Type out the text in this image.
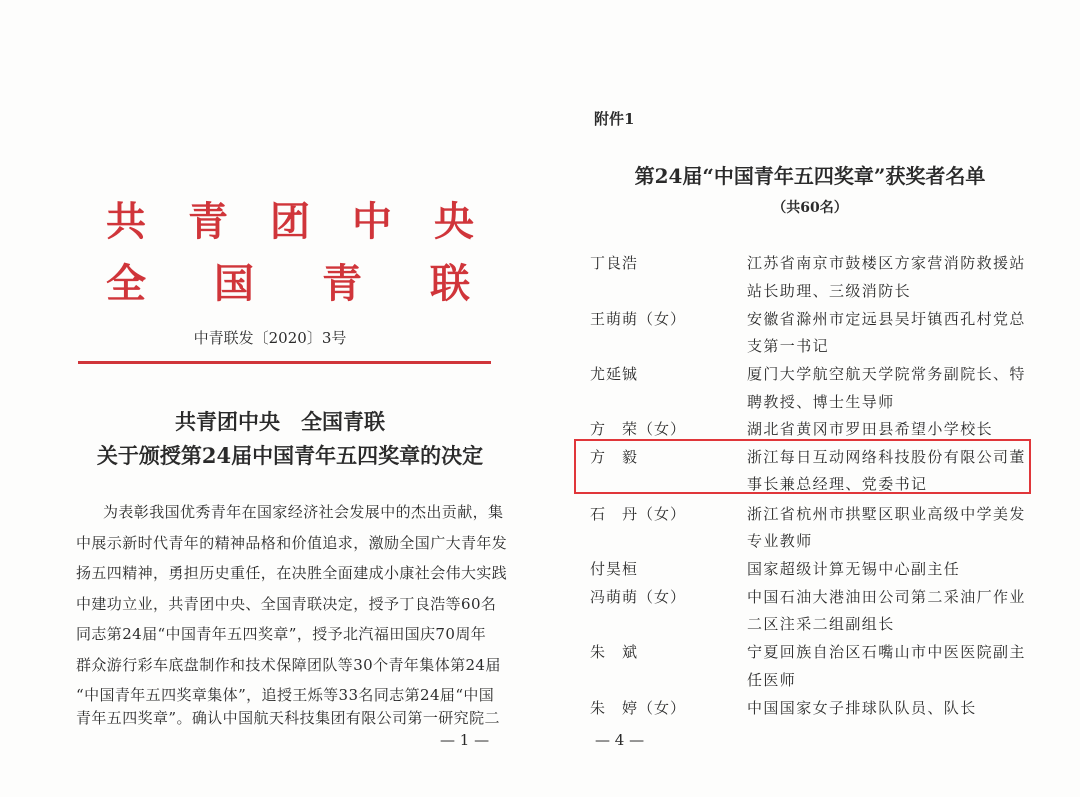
共 青 团 中 央
全 国 青 联
中青联发〔2020〕3号
共青团中央　全国青联
关于颁授第24届中国青年五四奖章的决定
为表彰我国优秀青年在国家经济社会发展中的杰出贡献，集
中展示新时代青年的精神品格和价值追求，激励全国广大青年发
扬五四精神，勇担历史重任，在决胜全面建成小康社会伟大实践
中建功立业，共青团中央、全国青联决定，授予丁良浩等60名
同志第24届“中国青年五四奖章”，授予北汽福田国庆70周年
群众游行彩车底盘制作和技术保障团队等30个青年集体第24届
“中国青年五四奖章集体”，追授王烁等33名同志第24届“中国
青年五四奖章”。确认中国航天科技集团有限公司第一研究院二
— 1 —
附件1
第24届“中国青年五四奖章”获奖者名单
（共60名）
丁良浩	江苏省南京市鼓楼区方家营消防救援站
站长助理、三级消防长
王萌萌（女）	安徽省滁州市定远县吴圩镇西孔村党总
支第一书记
尤延铖	厦门大学航空航天学院常务副院长、特
聘教授、博士生导师
方　荣（女）	湖北省黄冈市罗田县希望小学校长
方　毅	浙江每日互动网络科技股份有限公司董
事长兼总经理、党委书记
石　丹（女）	浙江省杭州市拱墅区职业高级中学美发
专业教师
付昊桓	国家超级计算无锡中心副主任
冯萌萌（女）	中国石油大港油田公司第二采油厂作业
二区注采二组副组长
朱　斌	宁夏回族自治区石嘴山市中医医院副主
任医师
朱　婷（女）	中国国家女子排球队队员、队长
— 4 —
